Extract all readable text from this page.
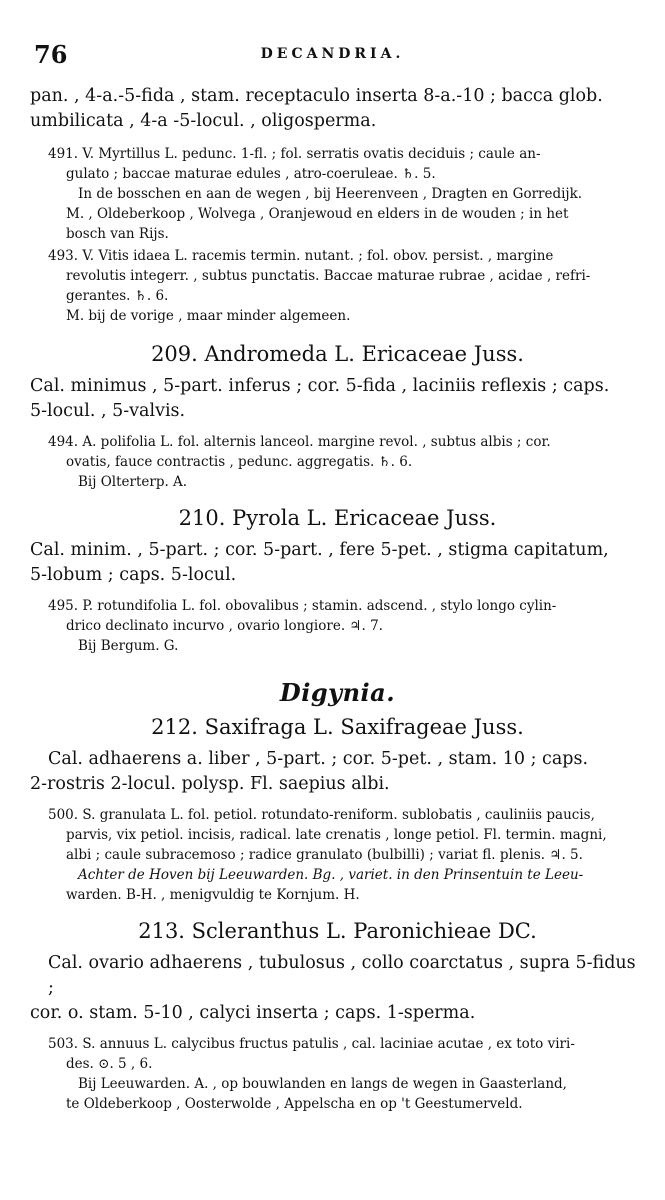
76	DECANDRIA.

pan. , 4-a.-5-fida , stam. receptaculo inserta 8-a.-10 ; bacca glob.

umbilicata , 4-a -5-locul. , oligosperma.

491. V. Myrtillus L. pedunc. 1-fl. ; fol. serratis ovatis deciduis ; caule an-

gulato ; baccae maturae edules , atro-coeruleae. ♄. 5.

In de bosschen en aan de wegen , bij Heerenveen , Dragten en Gorredijk.

M. , Oldeberkoop , Wolvega , Oranjewoud en elders in de wouden ; in het

bosch van Rijs.

493. V. Vitis idaea L. racemis termin. nutant. ; fol. obov. persist. , margine

revolutis integerr. , subtus punctatis. Baccae maturae rubrae , acidae , refri-

gerantes. ♄. 6.

M. bij de vorige , maar minder algemeen.

209. Andromeda L. Ericaceae Juss.

Cal. minimus , 5-part. inferus ; cor. 5-fida , laciniis reflexis ; caps.

5-locul. , 5-valvis.

494. A. polifolia L. fol. alternis lanceol. margine revol. , subtus albis ; cor.

ovatis, fauce contractis , pedunc. aggregatis. ♄. 6.

Bij Olterterp. A.

210. Pyrola L. Ericaceae Juss.

Cal. minim. , 5-part. ; cor. 5-part. , fere 5-pet. , stigma capitatum,

5-lobum ; caps. 5-locul.

495. P. rotundifolia L. fol. obovalibus ; stamin. adscend. , stylo longo cylin-

drico declinato incurvo , ovario longiore. ♃. 7.

Bij Bergum. G.

Digynia.

212. Saxifraga L. Saxifrageae Juss.

Cal. adhaerens a. liber , 5-part. ; cor. 5-pet. , stam. 10 ; caps.

2-rostris 2-locul. polysp. Fl. saepius albi.

500. S. granulata L. fol. petiol. rotundato-reniform. sublobatis , cauliniis paucis,

parvis, vix petiol. incisis, radical. late crenatis , longe petiol. Fl. termin. magni,

albi ; caule subracemoso ; radice granulato (bulbilli) ; variat fl. plenis. ♃. 5.

Achter de Hoven bij Leeuwarden. Bg. , variet. in den Prinsentuin te Leeu-

warden. B-H. , menigvuldig te Kornjum. H.

213. Scleranthus L. Paronichieae DC.

Cal. ovario adhaerens , tubulosus , collo coarctatus , supra 5-fidus ;

cor. o. stam. 5-10 , calyci inserta ; caps. 1-sperma.

503. S. annuus L. calycibus fructus patulis , cal. laciniae acutae , ex toto viri-

des. ⊙. 5 , 6.

Bij Leeuwarden. A. , op bouwlanden en langs de wegen in Gaasterland,

te Oldeberkoop , Oosterwolde , Appelscha en op 't Geestumerveld.
